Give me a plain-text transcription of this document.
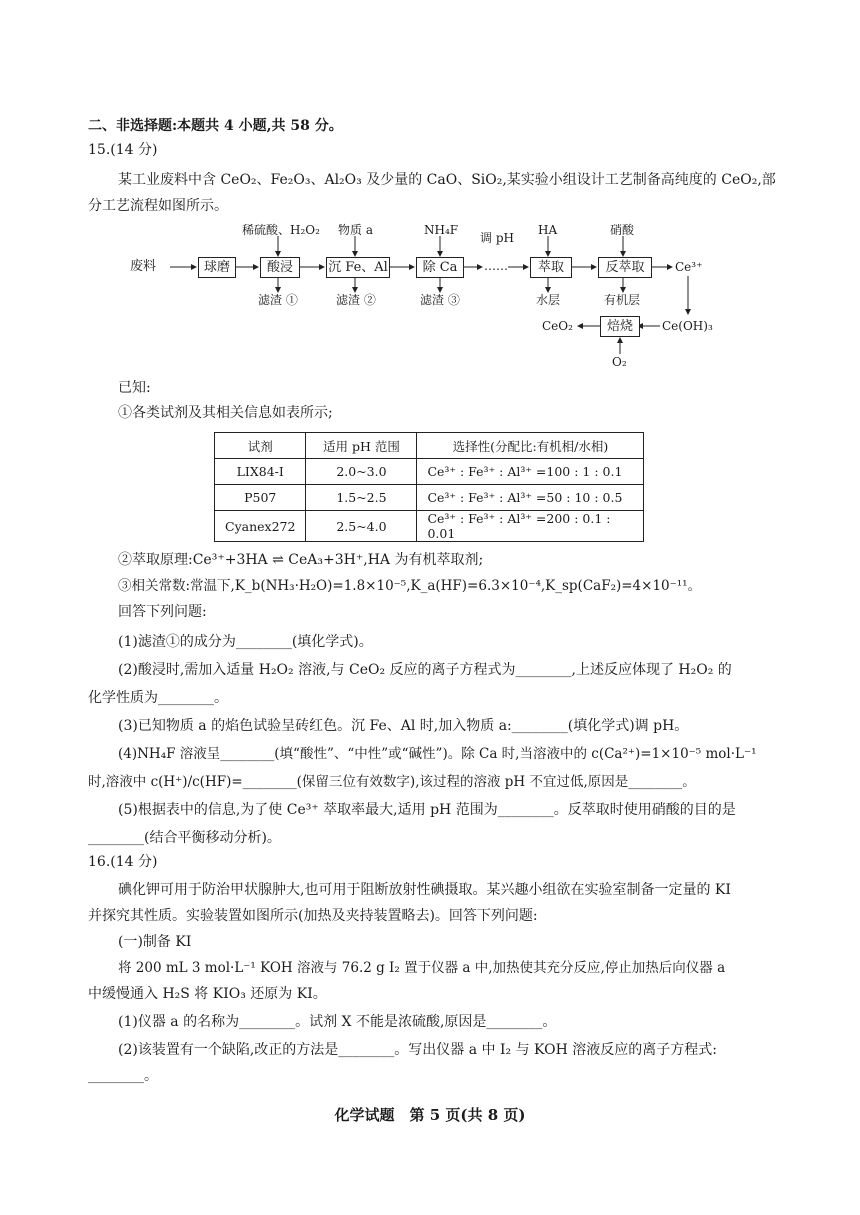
二、非选择题:本题共 4 小题,共 58 分。
15.(14 分)
某工业废料中含 CeO₂、Fe₂O₃、Al₂O₃ 及少量的 CaO、SiO₂,某实验小组设计工艺制备高纯度的 CeO₂,部
分工艺流程如图所示。
废料	球磨	酸浸	沉 Fe、Al	除 Ca	……	萃取	反萃取	Ce³⁺
稀硫酸、H₂O₂ 物质 a	NH₄F
调 pH
HA	硝酸
滤渣 ①	滤渣 ②	滤渣 ③	水层	有机层
焙烧	Ce(OH)₃
CeO₂
O₂
已知:
①各类试剂及其相关信息如表所示;
试剂	适用 pH 范围	选择性(分配比:有机相/水相)
LIX84-I	2.0~3.0	Ce³⁺ : Fe³⁺ : Al³⁺ =100 : 1 : 0.1
P507	1.5~2.5	Ce³⁺ : Fe³⁺ : Al³⁺ =50 : 10 : 0.5
Cyanex272	2.5~4.0	Ce³⁺ : Fe³⁺ : Al³⁺ =200 : 0.1 : 0.01
②萃取原理:Ce³⁺+3HA ⇌ CeA₃+3H⁺,HA 为有机萃取剂;
③相关常数:常温下,K_b(NH₃·H₂O)=1.8×10⁻⁵,K_a(HF)=6.3×10⁻⁴,K_sp(CaF₂)=4×10⁻¹¹。
回答下列问题:
(1)滤渣①的成分为________(填化学式)。
(2)酸浸时,需加入适量 H₂O₂ 溶液,与 CeO₂ 反应的离子方程式为________,上述反应体现了 H₂O₂ 的
化学性质为________。
(3)已知物质 a 的焰色试验呈砖红色。沉 Fe、Al 时,加入物质 a:________(填化学式)调 pH。
(4)NH₄F 溶液呈________(填“酸性”、“中性”或“碱性”)。除 Ca 时,当溶液中的 c(Ca²⁺)=1×10⁻⁵ mol·L⁻¹
时,溶液中 c(H⁺)/c(HF)=________(保留三位有效数字),该过程的溶液 pH 不宜过低,原因是________。
(5)根据表中的信息,为了使 Ce³⁺ 萃取率最大,适用 pH 范围为________。反萃取时使用硝酸的目的是
________(结合平衡移动分析)。
16.(14 分)
碘化钾可用于防治甲状腺肿大,也可用于阻断放射性碘摄取。某兴趣小组欲在实验室制备一定量的 KI
并探究其性质。实验装置如图所示(加热及夹持装置略去)。回答下列问题:
(一)制备 KI
将 200 mL 3 mol·L⁻¹ KOH 溶液与 76.2 g I₂ 置于仪器 a 中,加热使其充分反应,停止加热后向仪器 a
中缓慢通入 H₂S 将 KIO₃ 还原为 KI。
(1)仪器 a 的名称为________。试剂 X 不能是浓硫酸,原因是________。
(2)该装置有一个缺陷,改正的方法是________。写出仪器 a 中 I₂ 与 KOH 溶液反应的离子方程式:
________。
化学试题　第 5 页(共 8 页)
